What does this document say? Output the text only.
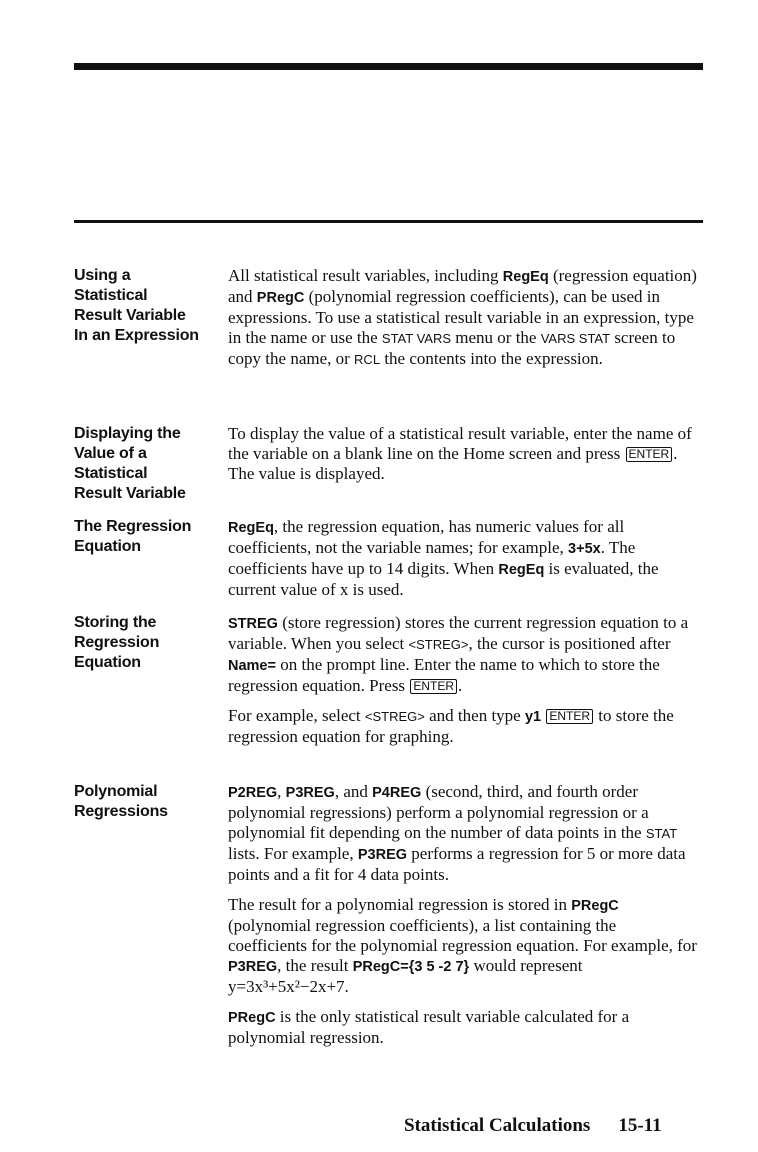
Using a
Statistical
Result Variable
In an Expression

All statistical result variables, including RegEq (regression equation) and PRegC (polynomial regression coefficients), can be used in expressions. To use a statistical result variable in an expression, type in the name or use the STAT VARS menu or the VARS STAT screen to copy the name, or RCL the contents into the expression.

Displaying the
Value of a
Statistical
Result Variable

To display the value of a statistical result variable, enter the name of the variable on a blank line on the Home screen and press ENTER . The value is displayed.

The Regression
Equation

RegEq, the regression equation, has numeric values for all coefficients, not the variable names; for example, 3+5x. The coefficients have up to 14 digits. When RegEq is evaluated, the current value of x is used.

Storing the
Regression
Equation

STREG (store regression) stores the current regression equation to a variable. When you select <STREG>, the cursor is positioned after Name= on the prompt line. Enter the name to which to store the regression equation. Press ENTER .

For example, select <STREG> and then type y1 ENTER to store the regression equation for graphing.

Polynomial
Regressions

P2REG, P3REG, and P4REG (second, third, and fourth order polynomial regressions) perform a polynomial regression or a polynomial fit depending on the number of data points in the STAT lists. For example, P3REG performs a regression for 5 or more data points and a fit for 4 data points.

The result for a polynomial regression is stored in PRegC (polynomial regression coefficients), a list containing the coefficients for the polynomial regression equation. For example, for P3REG, the result PRegC={3 5 -2 7} would represent y=3x³+5x²−2x+7.

PRegC is the only statistical result variable calculated for a polynomial regression.

Statistical Calculations 15-11
